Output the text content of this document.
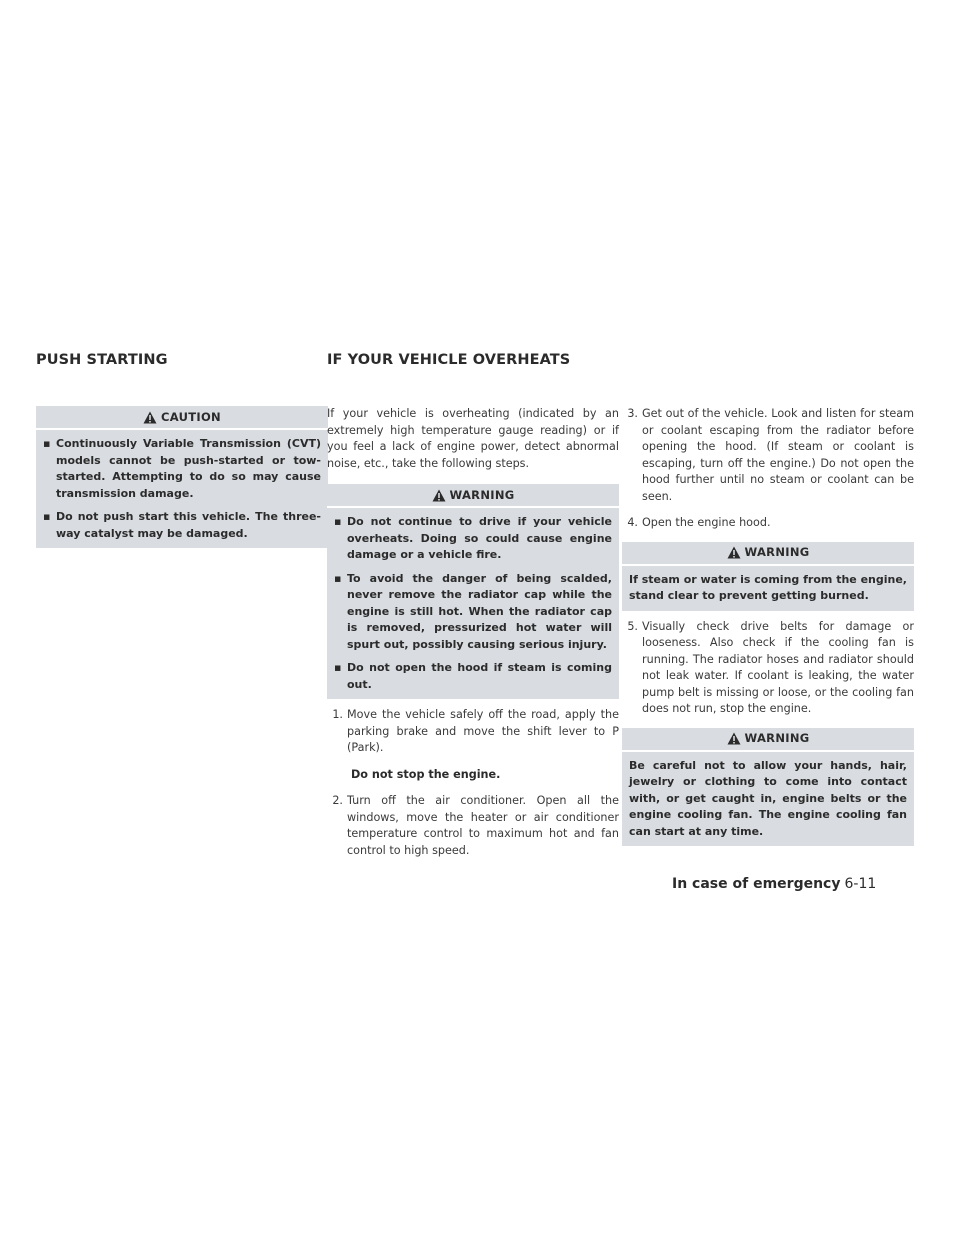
PUSH STARTING	IF YOUR VEHICLE OVERHEATS
CAUTION
▪ Continuously Variable Transmission (CVT) models cannot be push-started or tow-started. Attempting to do so may cause transmission damage.
▪ Do not push start this vehicle. The three-way catalyst may be damaged.

If your vehicle is overheating (indicated by an extremely high temperature gauge reading) or if you feel a lack of engine power, detect abnormal noise, etc., take the following steps.

WARNING
▪ Do not continue to drive if your vehicle overheats. Doing so could cause engine damage or a vehicle fire.
▪ To avoid the danger of being scalded, never remove the radiator cap while the engine is still hot. When the radiator cap is removed, pressurized hot water will spurt out, possibly causing serious injury.
▪ Do not open the hood if steam is coming out.
1. Move the vehicle safely off the road, apply the parking brake and move the shift lever to P (Park).
Do not stop the engine.
2. Turn off the air conditioner. Open all the windows, move the heater or air conditioner temperature control to maximum hot and fan control to high speed.
3. Get out of the vehicle. Look and listen for steam or coolant escaping from the radiator before opening the hood. (If steam or coolant is escaping, turn off the engine.) Do not open the hood further until no steam or coolant can be seen.
4. Open the engine hood.
WARNING
If steam or water is coming from the engine, stand clear to prevent getting burned.
5. Visually check drive belts for damage or looseness. Also check if the cooling fan is running. The radiator hoses and radiator should not leak water. If coolant is leaking, the water pump belt is missing or loose, or the cooling fan does not run, stop the engine.
WARNING
Be careful not to allow your hands, hair, jewelry or clothing to come into contact with, or get caught in, engine belts or the engine cooling fan. The engine cooling fan can start at any time.
In case of emergency 6-11
